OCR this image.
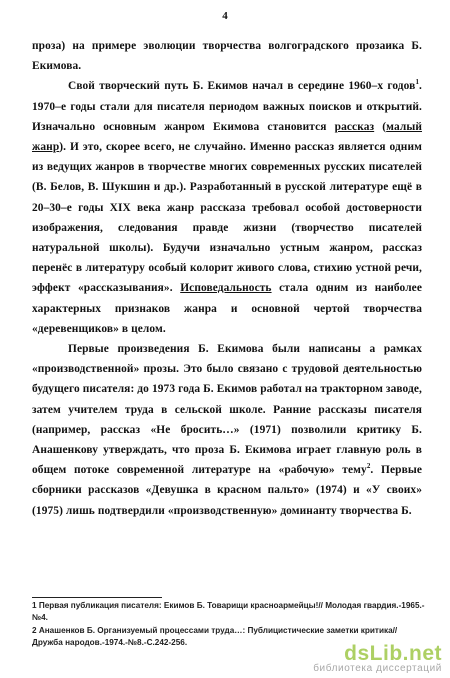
4

проза) на примере эволюции творчества волгоградского прозаика Б. Екимова.

Свой творческий путь Б. Екимов начал в середине 1960–х годов$^1$. 1970–е годы стали для писателя периодом важных поисков и открытий. Изначально основным жанром Екимова становится рассказ (малый жанр). И это, скорее всего, не случайно. Именно рассказ является одним из ведущих жанров в творчестве многих современных русских писателей (В. Белов, В. Шукшин и др.). Разработанный в русской литературе ещё в 20–30–е годы XIX века жанр рассказа требовал особой достоверности изображения, следования правде жизни (творчество писателей натуральной школы). Будучи изначально устным жанром, рассказ перенёс в литературу особый колорит живого слова, стихию устной речи, эффект «рассказывания». Исповедальность стала одним из наиболее характерных признаков жанра и основной чертой творчества «деревенщиков» в целом.

Первые произведения Б. Екимова были написаны а рамках «производственной» прозы. Это было связано с трудовой деятельностью будущего писателя: до 1973 года Б. Екимов работал на тракторном заводе, затем учителем труда в сельской школе. Ранние рассказы писателя (например, рассказ «Не бросить…» (1971) позволили критику Б. Анашенкову утверждать, что проза Б. Екимова играет главную роль в общем потоке современной литературе на «рабочую» тему$^2$. Первые сборники рассказов «Девушка в красном пальто» (1974) и «У своих» (1975) лишь подтвердили «производственную» доминанту творчества Б.

1 Первая публикация писателя: Екимов Б. Товарищи красноармейцы!// Молодая гвардия.-1965.-№4.

2 Анашенков Б. Организуемый процессами труда…: Публицистические заметки критика// Дружба народов.-1974.-№8.-С.242-256.	dsLib.net
библиотека диссертаций
